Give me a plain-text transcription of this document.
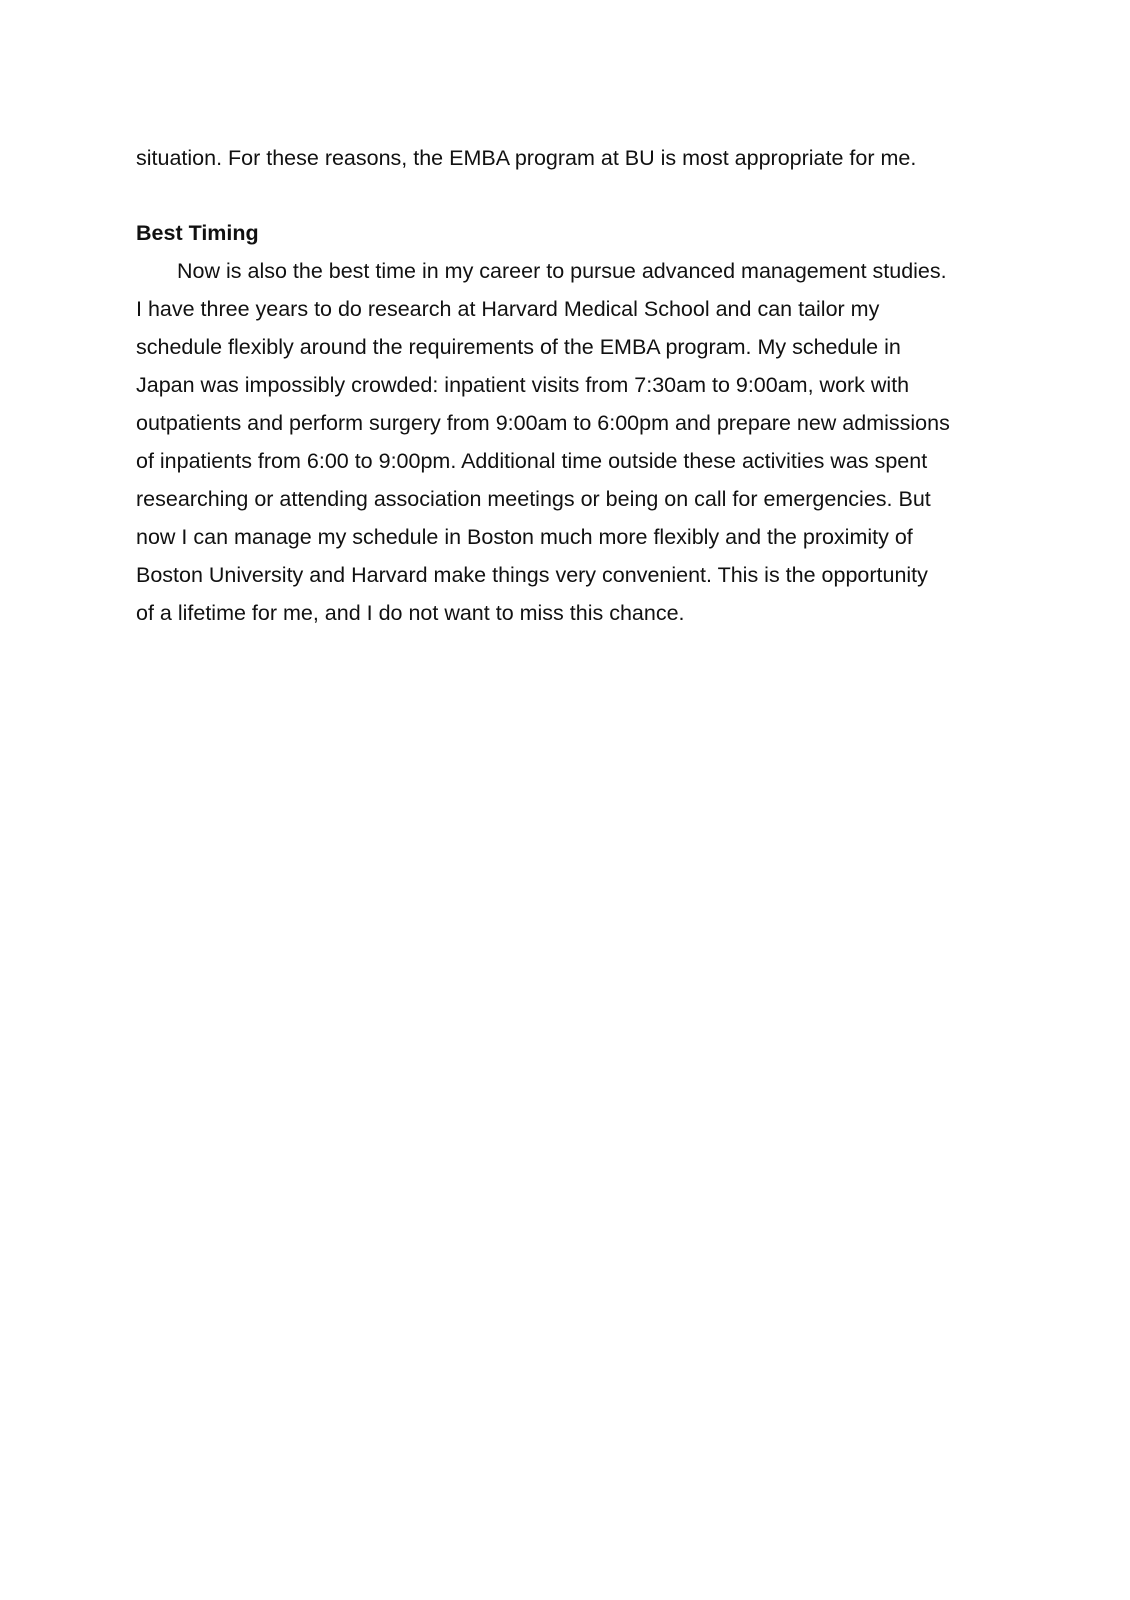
situation. For these reasons, the EMBA program at BU is most appropriate for me.

Best Timing
Now is also the best time in my career to pursue advanced management studies.
I have three years to do research at Harvard Medical School and can tailor my
schedule flexibly around the requirements of the EMBA program. My schedule in
Japan was impossibly crowded: inpatient visits from 7:30am to 9:00am, work with
outpatients and perform surgery from 9:00am to 6:00pm and prepare new admissions
of inpatients from 6:00 to 9:00pm. Additional time outside these activities was spent
researching or attending association meetings or being on call for emergencies. But
now I can manage my schedule in Boston much more flexibly and the proximity of
Boston University and Harvard make things very convenient. This is the opportunity
of a lifetime for me, and I do not want to miss this chance.
